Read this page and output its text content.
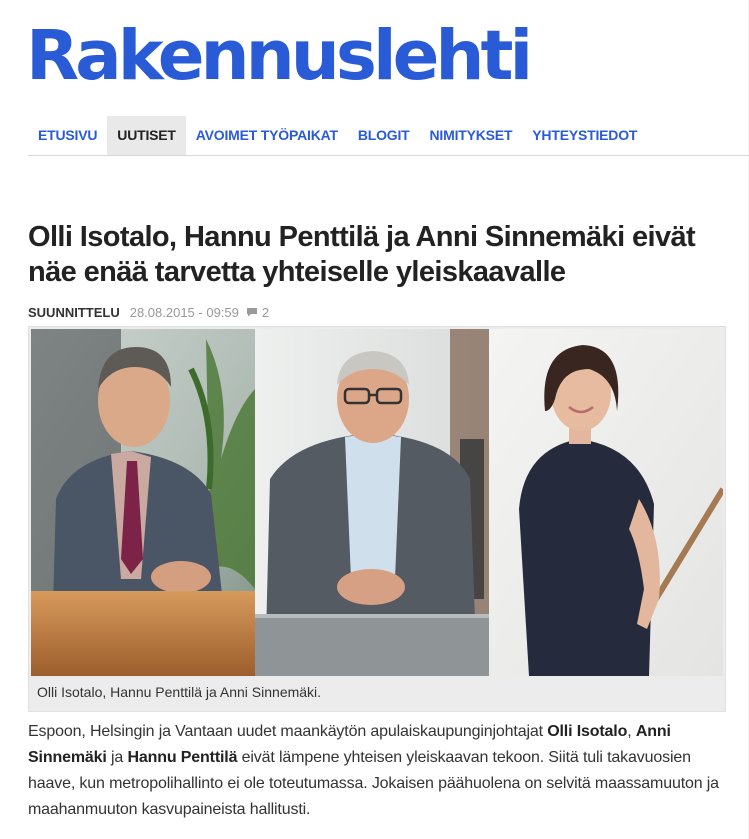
Rakennuslehti
ETUSIVU	UUTISET	AVOIMET TYÖPAIKAT	BLOGIT	NIMITYKSET	YHTEYSTIEDOT
Olli Isotalo, Hannu Penttilä ja Anni Sinnemäki eivät näe enää tarvetta yhteiselle yleiskaavalle
SUUNNITTELU 28.08.2015 - 09:59 2
Olli Isotalo, Hannu Penttilä ja Anni Sinnemäki.

Espoon, Helsingin ja Vantaan uudet maankäytön apulaiskaupunginjohtajat Olli Isotalo, Anni Sinnemäki ja Hannu Penttilä eivät lämpene yhteisen yleiskaavan tekoon. Siitä tuli takavuosien haave, kun metropolihallinto ei ole toteutumassa. Jokaisen päähuolena on selvitä maassamuuton ja maahanmuuton kasvupaineista hallitusti.
